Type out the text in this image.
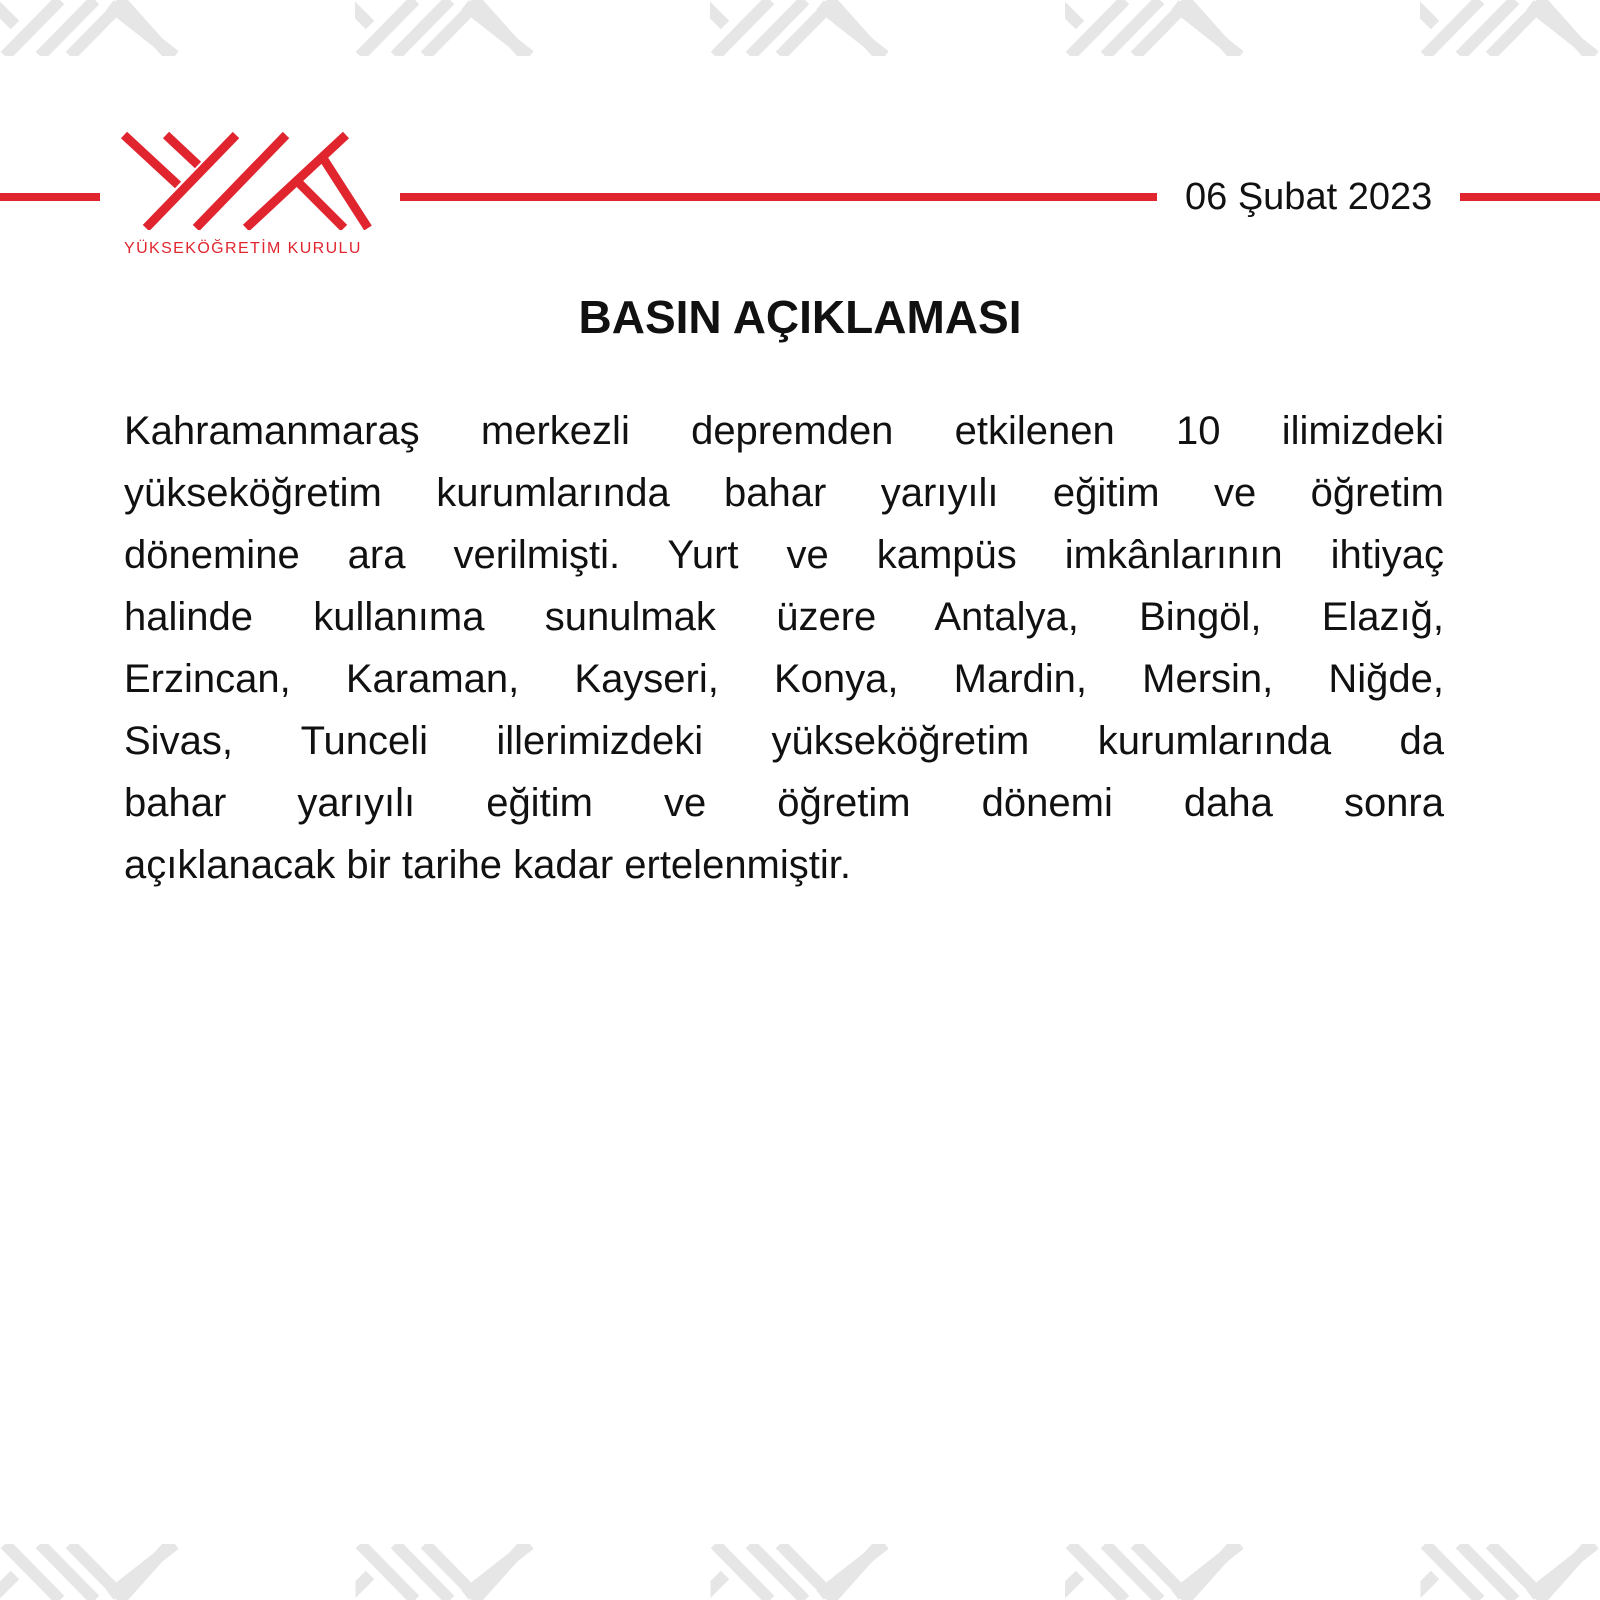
YÜKSEKÖĞRETİM KURULU
06 Şubat 2023
BASIN AÇIKLAMASI
Kahramanmaraş merkezli depremden etkilenen 10 ilimizdeki
yükseköğretim kurumlarında bahar yarıyılı eğitim ve öğretim
dönemine ara verilmişti. Yurt ve kampüs imkânlarının ihtiyaç
halinde kullanıma sunulmak üzere Antalya, Bingöl, Elazığ,
Erzincan, Karaman, Kayseri, Konya, Mardin, Mersin, Niğde,
Sivas, Tunceli illerimizdeki yükseköğretim kurumlarında da
bahar yarıyılı eğitim ve öğretim dönemi daha sonra
açıklanacak bir tarihe kadar ertelenmiştir.
